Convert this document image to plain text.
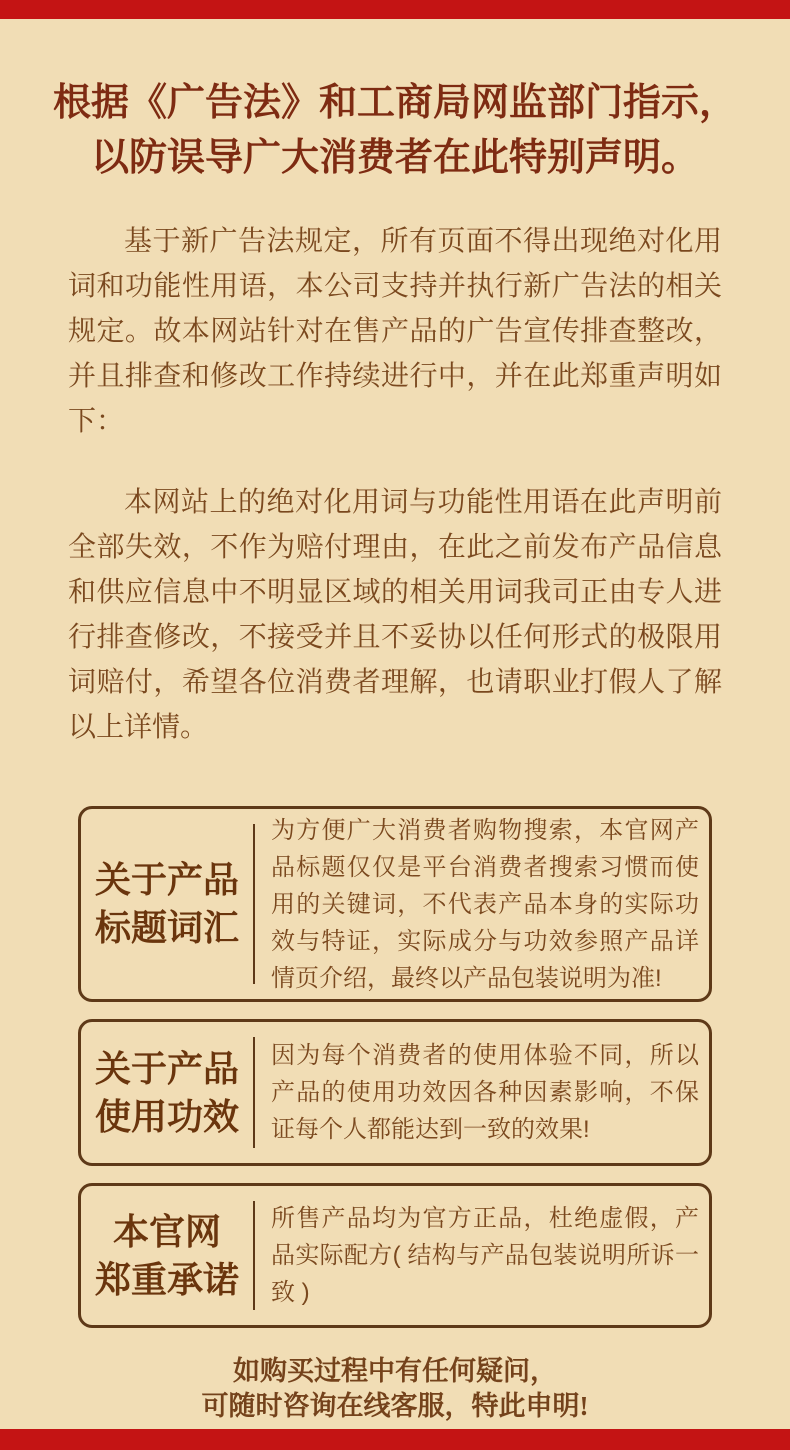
根据《广告法》和工商局网监部门指示，
以防误导广大消费者在此特别声明。
基于新广告法规定，所有页面不得出现绝对化用词和功能性用语，本公司支持并执行新广告法的相关规定。故本网站针对在售产品的广告宣传排查整改，并且排查和修改工作持续进行中，并在此郑重声明如下：
本网站上的绝对化用词与功能性用语在此声明前全部失效，不作为赔付理由，在此之前发布产品信息和供应信息中不明显区域的相关用词我司正由专人进行排查修改，不接受并且不妥协以任何形式的极限用词赔付，希望各位消费者理解，也请职业打假人了解以上详情。
关于产品
标题词汇
为方便广大消费者购物搜索，本官网产品标题仅仅是平台消费者搜索习惯而使用的关键词，不代表产品本身的实际功效与特证，实际成分与功效参照产品详情页介绍，最终以产品包装说明为准!
关于产品
使用功效
因为每个消费者的使用体验不同，所以产品的使用功效因各种因素影响，不保证每个人都能达到一致的效果!
本官网
郑重承诺
所售产品均为官方正品，杜绝虚假，产品实际配方( 结构与产品包装说明所诉一致 )
如购买过程中有任何疑问，
可随时咨询在线客服，特此申明!
